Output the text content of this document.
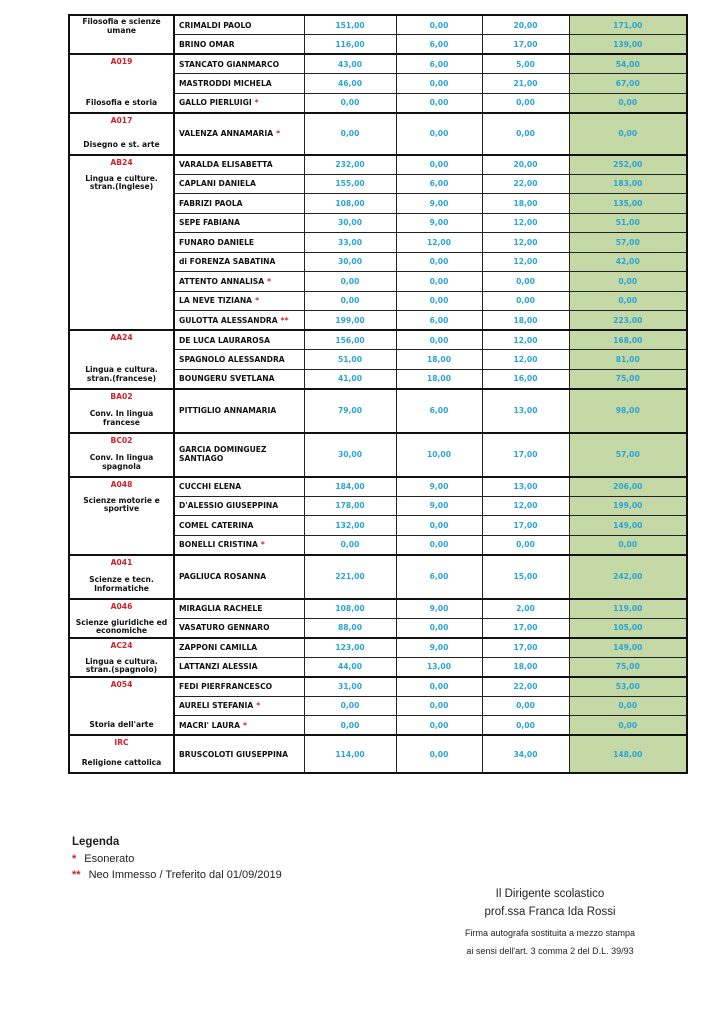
Filosofia e scienze umane	CRIMALDI PAOLO	151,00	0,00	20,00	171,00
	BRINO OMAR	116,00	6,00	17,00	139,00

A019
Filosofia e storia	STANCATO GIANMARCO	43,00	6,00	5,00	54,00
	MASTRODDI MICHELA	46,00	0,00	21,00	67,00
	GALLO PIERLUIGI *	0,00	0,00	0,00	0,00

A017
Disegno e st. arte	VALENZA ANNAMARIA *	0,00	0,00	0,00	0,00

AB24
Lingua e culture. stran.(Inglese)	VARALDA ELISABETTA	232,00	0,00	20,00	252,00
	CAPLANI DANIELA	155,00	6,00	22,00	183,00
	FABRIZI PAOLA	108,00	9,00	18,00	135,00
	SEPE FABIANA	30,00	9,00	12,00	51,00
	FUNARO DANIELE	33,00	12,00	12,00	57,00
	di FORENZA SABATINA	30,00	0,00	12,00	42,00
	ATTENTO ANNALISA *	0,00	0,00	0,00	0,00
	LA NEVE TIZIANA *	0,00	0,00	0,00	0,00
	GULOTTA ALESSANDRA **	199,00	6,00	18,00	223,00

AA24
Lingua e cultura. stran.(francese)	DE LUCA LAURAROSA	156,00	0,00	12,00	168,00
	SPAGNOLO ALESSANDRA	51,00	18,00	12,00	81,00
	BOUNGERU SVETLANA	41,00	18,00	16,00	75,00

BA02
Conv. In lingua francese	PITTIGLIO ANNAMARIA	79,00	6,00	13,00	98,00

BC02
Conv. In lingua spagnola	GARCIA DOMINGUEZ SANTIAGO	30,00	10,00	17,00	57,00

A048
Scienze motorie e sportive	CUCCHI ELENA	184,00	9,00	13,00	206,00
	D'ALESSIO GIUSEPPINA	178,00	9,00	12,00	199,00
	COMEL CATERINA	132,00	0,00	17,00	149,00
	BONELLI CRISTINA *	0,00	0,00	0,00	0,00

A041
Scienze e tecn. Informatiche	PAGLIUCA ROSANNA	221,00	6,00	15,00	242,00

A046
Scienze giuridiche ed economiche	MIRAGLIA RACHELE	108,00	9,00	2,00	119,00
	VASATURO GENNARO	88,00	0,00	17,00	105,00

AC24
Lingua e cultura. stran.(spagnolo)	ZAPPONI CAMILLA	123,00	9,00	17,00	149,00
	LATTANZI ALESSIA	44,00	13,00	18,00	75,00

A054
Storia dell'arte	FEDI PIERFRANCESCO	31,00	0,00	22,00	53,00
	AURELI STEFANIA *	0,00	0,00	0,00	0,00
	MACRI' LAURA *	0,00	0,00	0,00	0,00

IRC
Religione cattolica	BRUSCOLOTI GIUSEPPINA	114,00	0,00	34,00	148,00
Legenda
* Esonerato
** Neo Immesso / Treferito dal 01/09/2019
Il Dirigente scolastico
prof.ssa Franca Ida Rossi
Firma autografa sostituita a mezzo stampa
ai sensi dell'art. 3 comma 2 del D.L. 39/93
